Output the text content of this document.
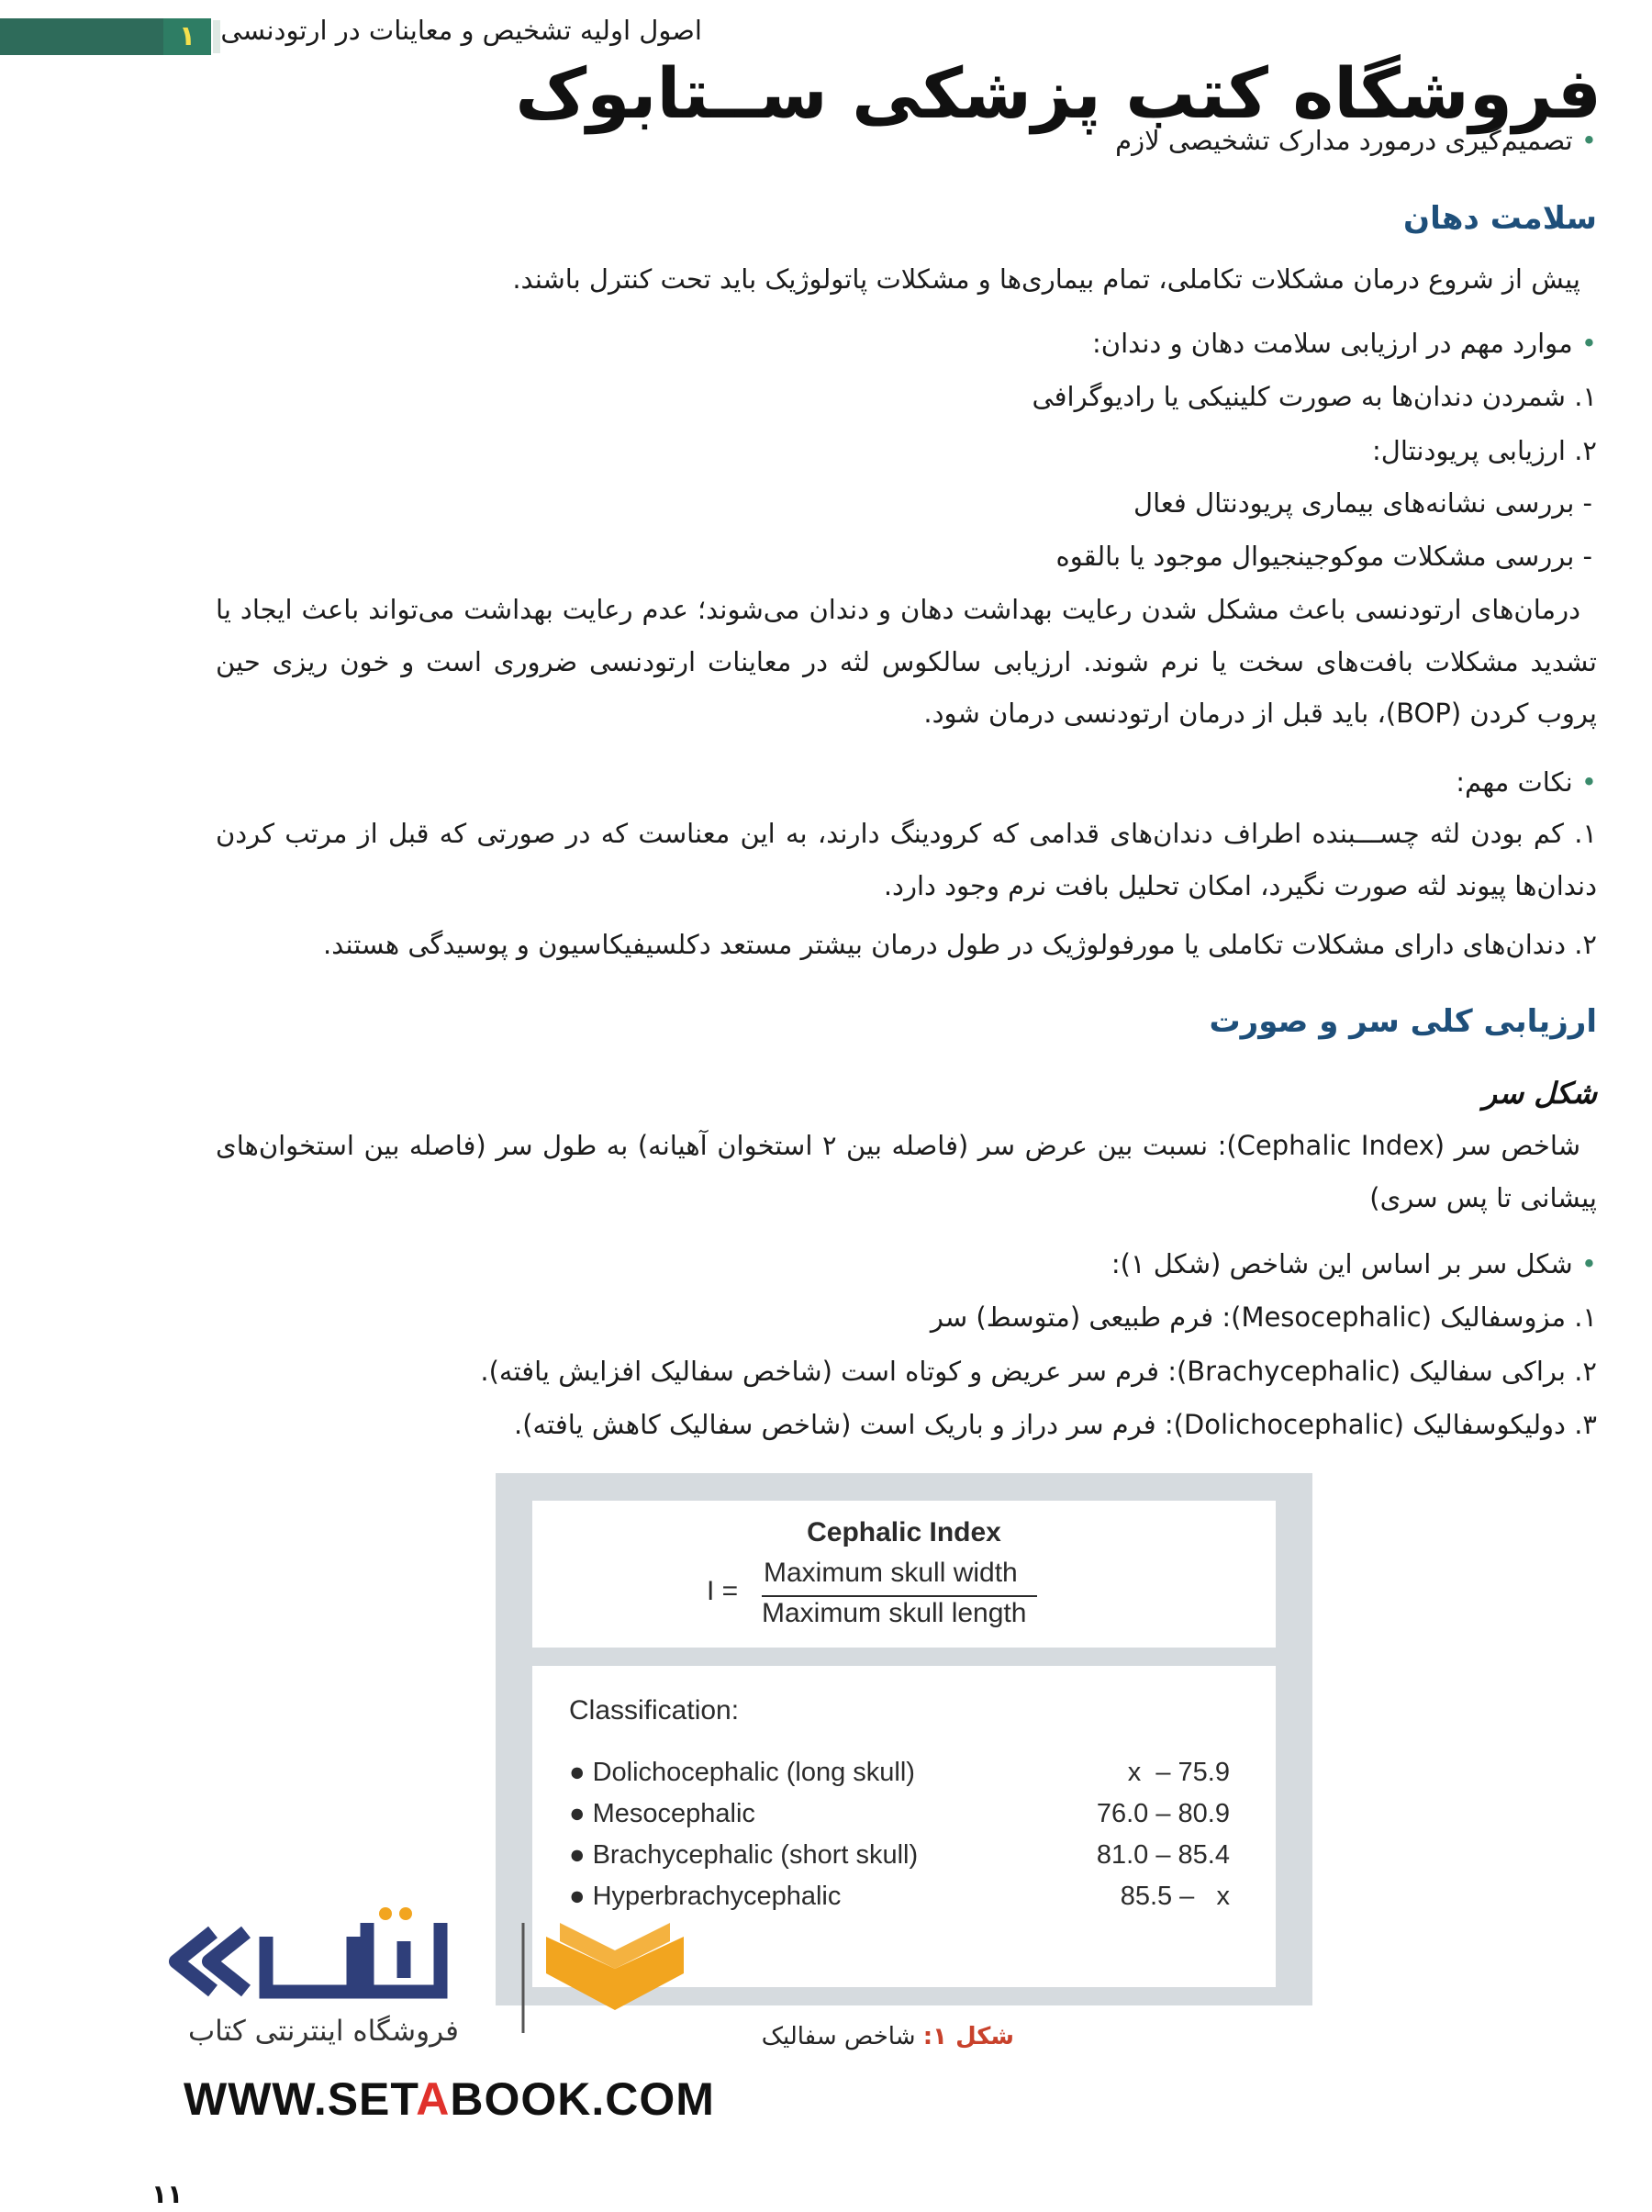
۱ اصول اولیه تشخیص و معاینات در ارتودنسی
فروشگاه کتب پزشکی ســتابوک
• تصمیم‌گیری درمورد مدارک تشخیصی لازم
سلامت دهان
پیش از شروع درمان مشکلات تکاملی، تمام بیماری‌ها و مشکلات پاتولوژیک باید تحت کنترل باشند.
• موارد مهم در ارزیابی سلامت دهان و دندان:
۱. شمردن دندان‌ها به صورت کلینیکی یا رادیوگرافی
۲. ارزیابی پریودنتال:
- بررسی نشانه‌های بیماری پریودنتال فعال
- بررسی مشکلات موکوجینجیوال موجود یا بالقوه
درمان‌های ارتودنسی باعث مشکل شدن رعایت بهداشت دهان و دندان می‌شوند؛ عدم رعایت بهداشت می‌تواند باعث ایجاد یا تشدید مشکلات بافت‌های سخت یا نرم شوند. ارزیابی سالکوس لثه در معاینات ارتودنسی ضروری است و خون ریزی حین پروب کردن (BOP)، باید قبل از درمان ارتودنسی درمان شود.
• نکات مهم:
۱. کم بودن لثه چســـبنده اطراف دندان‌های قدامی که کرودینگ دارند، به این معناست که در صورتی که قبل از مرتب کردن دندان‌ها پیوند لثه صورت نگیرد، امکان تحلیل بافت نرم وجود دارد.
۲. دندان‌های دارای مشکلات تکاملی یا مورفولوژیک در طول درمان بیشتر مستعد دکلسیفیکاسیون و پوسیدگی هستند.
ارزیابی کلی سر و صورت
شکل سر
شاخص سر (Cephalic Index): نسبت بین عرض سر (فاصله بین ۲ استخوان آهیانه) به طول سر (فاصله بین استخوان‌های پیشانی تا پس سری)
• شکل سر بر اساس این شاخص (شکل ۱):
۱. مزوسفالیک (Mesocephalic): فرم طبیعی (متوسط) سر
۲. براکی سفالیک (Brachycephalic): فرم سر عریض و کوتاه است (شاخص سفالیک افزایش یافته).
۳. دولیکوسفالیک (Dolichocephalic): فرم سر دراز و باریک است (شاخص سفالیک کاهش یافته).
Cephalic Index
I =
Maximum skull width
Maximum skull length
Classification:
● Dolichocephalic (long skull)	x  – 75.9
● Mesocephalic	76.0 – 80.9
● Brachycephalic (short skull)	81.0 – 85.4
● Hyperbrachycephalic	85.5 –   x
شکل ۱: شاخص سفالیک
فروشگاه اینترنتی کتاب
WWW.SETABOOK.COM
۱۱
